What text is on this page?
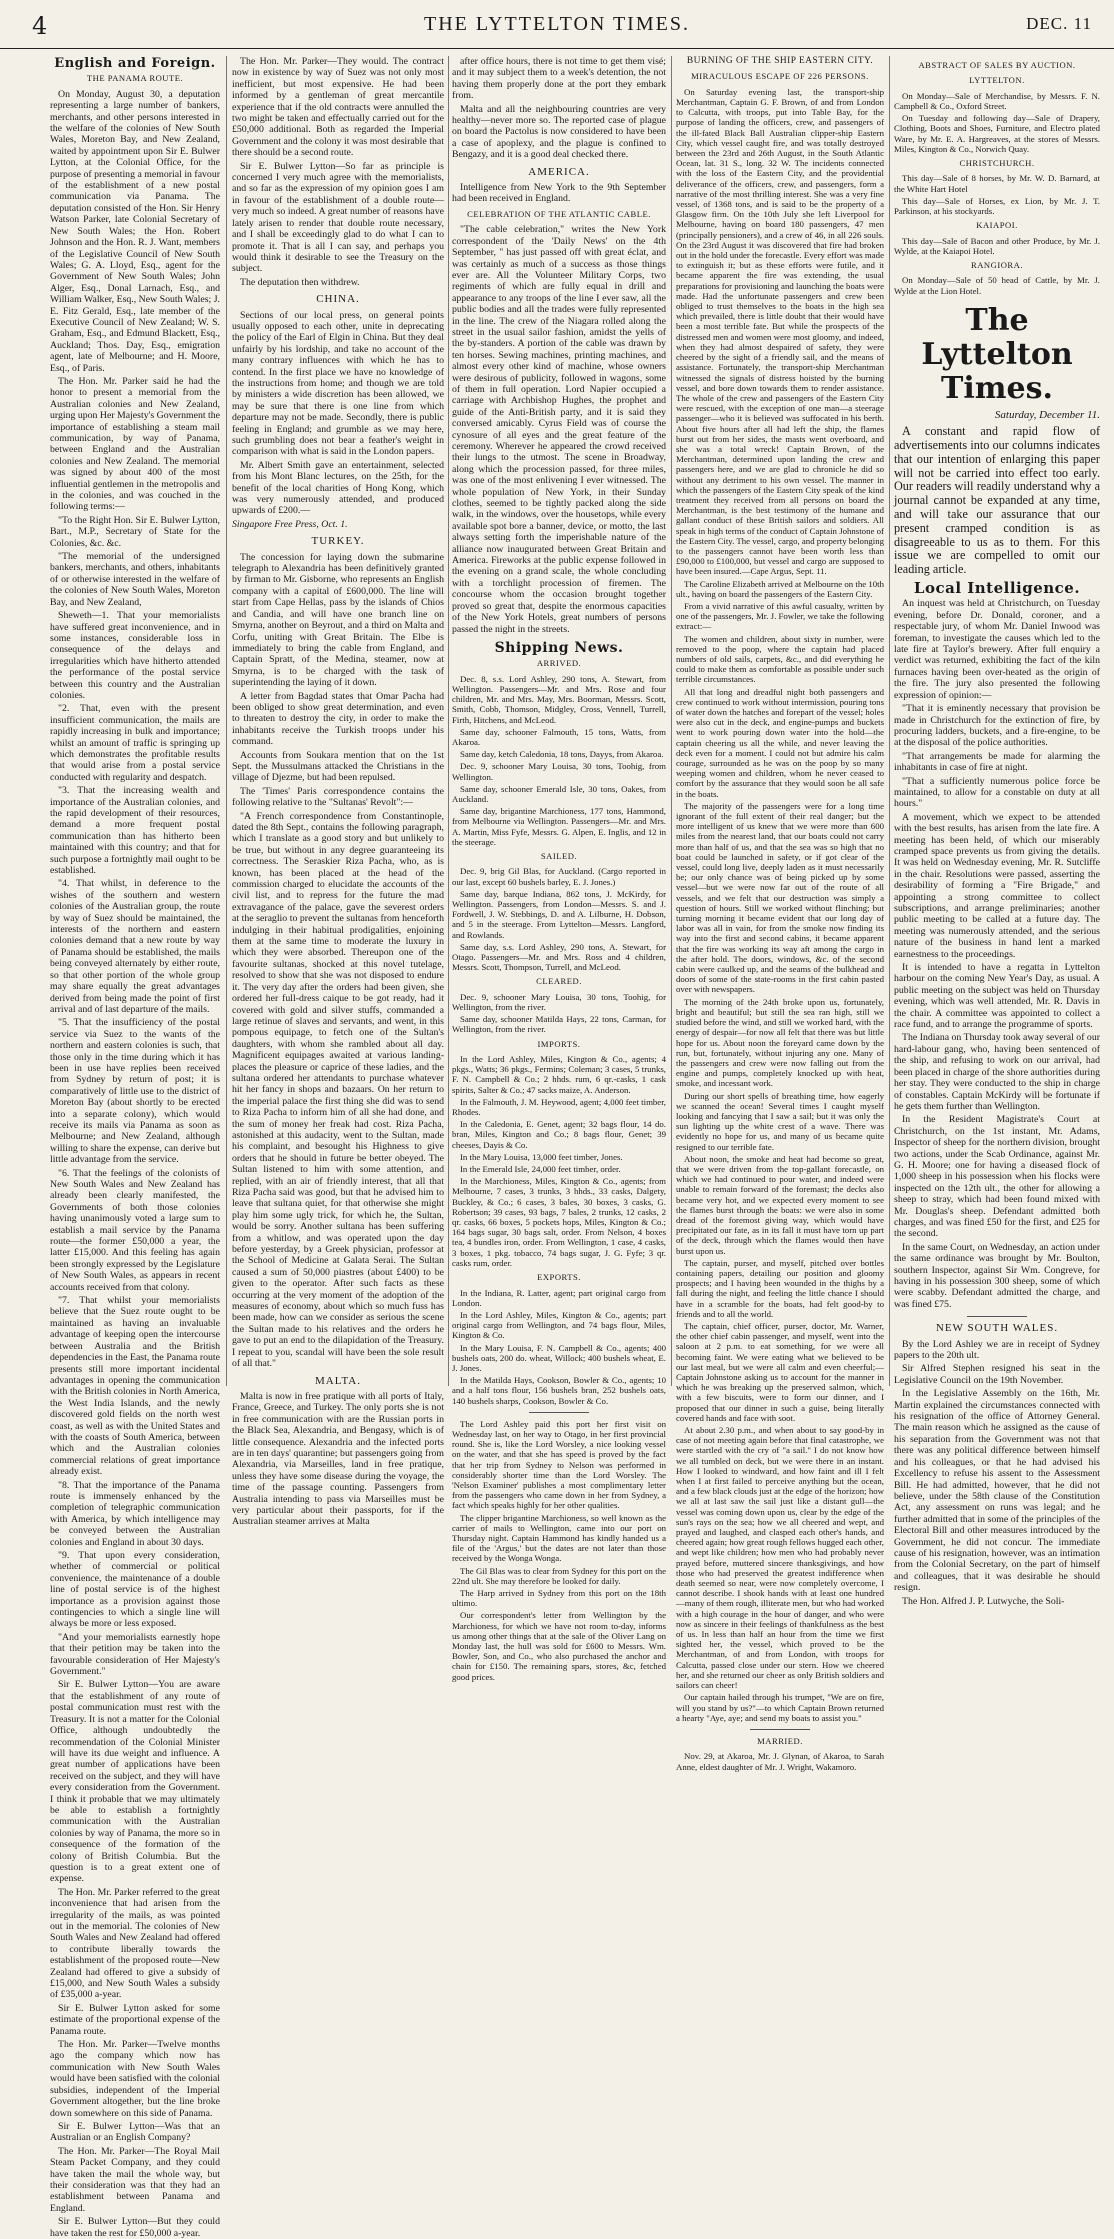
4	THE LYTTELTON TIMES.	DEC. 11
English and Foreign.
THE PANAMA ROUTE.

On Monday, August 30, a deputation representing a large number of bankers, merchants, and other persons interested in the welfare of the colonies of New South Wales, Moreton Bay, and New Zealand, waited by appointment upon Sir E. Bulwer Lytton, at the Colonial Office, for the purpose of presenting a memorial in favour of the establishment of a new postal communication via Panama. The deputation consisted of the Hon. Sir Henry Watson Parker, late Colonial Secretary of New South Wales; the Hon. Robert Johnson and the Hon. R. J. Want, members of the Legislative Council of New South Wales; G. A. Lloyd, Esq., agent for the Government of New South Wales; John Alger, Esq., Donal Larnach, Esq., and William Walker, Esq., New South Wales; J. E. Fitz Gerald, Esq., late member of the Executive Council of New Zealand; W. S. Graham, Esq., and Edmund Blackett, Esq., Auckland; Thos. Day, Esq., emigration agent, late of Melbourne; and H. Moore, Esq., of Paris.

The Hon. Mr. Parker said he had the honor to present a memorial from the Australian colonies and New Zealand, urging upon Her Majesty's Government the importance of establishing a steam mail communication, by way of Panama, between England and the Australian colonies and New Zealand. The memorial was signed by about 400 of the most influential gentlemen in the metropolis and in the colonies, and was couched in the following terms:—

"To the Right Hon. Sir E. Bulwer Lytton, Bart., M.P., Secretary of State for the Colonies, &c. &c.

"The memorial of the undersigned bankers, merchants, and others, inhabitants of or otherwise interested in the welfare of the colonies of New South Wales, Moreton Bay, and New Zealand,

Sheweth—1. That your memorialists have suffered great inconvenience, and in some instances, considerable loss in consequence of the delays and irregularities which have hitherto attended the performance of the postal service between this country and the Australian colonies.

"2. That, even with the present insufficient communication, the mails are rapidly increasing in bulk and importance; whilst an amount of traffic is springing up which demonstrates the profitable results that would arise from a postal service conducted with regularity and despatch.

"3. That the increasing wealth and importance of the Australian colonies, and the rapid development of their resources, demand a more frequent postal communication than has hitherto been maintained with this country; and that for such purpose a fortnightly mail ought to be established.

"4. That whilst, in deference to the wishes of the southern and western colonies of the Australian group, the route by way of Suez should be maintained, the interests of the northern and eastern colonies demand that a new route by way of Panama should be established, the mails being conveyed alternately by either route, so that other portion of the whole group may share equally the great advantages derived from being made the point of first arrival and of last departure of the mails.

"5. That the insufficiency of the postal service via Suez to the wants of the northern and eastern colonies is such, that those only in the time during which it has been in use have replies been received from Sydney by return of post; it is comparatively of little use to the district of Moreton Bay (about shortly to be erected into a separate colony), which would receive its mails via Panama as soon as Melbourne; and New Zealand, although willing to share the expense, can derive but little advantage from the service.

"6. That the feelings of the colonists of New South Wales and New Zealand has already been clearly manifested, the Governments of both those colonies having unanimously voted a large sum to establish a mail service by the Panama route—the former £50,000 a year, the latter £15,000. And this feeling has again been strongly expressed by the Legislature of New South Wales, as appears in recent accounts received from that colony.

"7. That whilst your memorialists believe that the Suez route ought to be maintained as having an invaluable advantage of keeping open the intercourse between Australia and the British dependencies in the East, the Panama route presents still more important incidental advantages in opening the communication with the British colonies in North America, the West India Islands, and the newly discovered gold fields on the north west coast, as well as with the United States and with the coasts of South America, between which and the Australian colonies commercial relations of great importance already exist.

"8. That the importance of the Panama route is immensely enhanced by the completion of telegraphic communication with America, by which intelligence may be conveyed between the Australian colonies and England in about 30 days.

"9. That upon every consideration, whether of commercial or political convenience, the maintenance of a double line of postal service is of the highest importance as a provision against those contingencies to which a single line will always be more or less exposed.

"And your memorialists earnestly hope that their petition may be taken into the favourable consideration of Her Majesty's Government."

Sir E. Bulwer Lytton—You are aware that the establishment of any route of postal communication must rest with the Treasury. It is not a matter for the Colonial Office, although undoubtedly the recommendation of the Colonial Minister will have its due weight and influence. A great number of applications have been received on the subject, and they will have every consideration from the Government. I think it probable that we may ultimately be able to establish a fortnightly communication with the Australian colonies by way of Panama, the more so in consequence of the formation of the colony of British Columbia. But the question is to a great extent one of expense.

The Hon. Mr. Parker referred to the great inconvenience that had arisen from the irregularity of the mails, as was pointed out in the memorial. The colonies of New South Wales and New Zealand had offered to contribute liberally towards the establishment of the proposed route—New Zealand had offered to give a subsidy of £15,000, and New South Wales a subsidy of £35,000 a-year.

Sir E. Bulwer Lytton asked for some estimate of the proportional expense of the Panama route.

The Hon. Mr. Parker—Twelve months ago the company which now has communication with New South Wales would have been satisfied with the colonial subsidies, independent of the Imperial Government altogether, but the line broke down somewhere on this side of Panama.

Sir E. Bulwer Lytton—Was that an Australian or an English Company?

The Hon. Mr. Parker—The Royal Mail Steam Packet Company, and they could have taken the mail the whole way, but their consideration was that they had an establishment between Panama and England.

Sir E. Bulwer Lytton—But they could have taken the rest for £50,000 a-year.

The Hon. Mr. Parker—They would. The contract now in existence by way of Suez was not only most inefficient, but most expensive. He had been informed by a gentleman of great mercantile experience that if the old contracts were annulled the two might be taken and effectually carried out for the £50,000 additional. Both as regarded the Imperial Government and the colony it was most desirable that there should be a second route.

Sir E. Bulwer Lytton—So far as principle is concerned I very much agree with the memorialists, and so far as the expression of my opinion goes I am in favour of the establishment of a double route—very much so indeed. A great number of reasons have lately arisen to render that double route necessary, and I shall be exceedingly glad to do what I can to promote it. That is all I can say, and perhaps you would think it desirable to see the Treasury on the subject.

The deputation then withdrew.

CHINA.

Sections of our local press, on general points usually opposed to each other, unite in deprecating the policy of the Earl of Elgin in China. But they deal unfairly by his lordship, and take no account of the many contrary influences with which he has to contend. In the first place we have no knowledge of the instructions from home; and though we are told by ministers a wide discretion has been allowed, we may be sure that there is one line from which departure may not be made. Secondly, there is public feeling in England; and grumble as we may here, such grumbling does not bear a feather's weight in comparison with what is said in the London papers.

Mr. Albert Smith gave an entertainment, selected from his Mont Blanc lectures, on the 25th, for the benefit of the local charities of Hong Kong, which was very numerously attended, and produced upwards of £200.—

Singapore Free Press, Oct. 1.
TURKEY.

The concession for laying down the submarine telegraph to Alexandria has been definitively granted by firman to Mr. Gisborne, who represents an English company with a capital of £600,000. The line will start from Cape Hellas, pass by the islands of Chios and Candia, and will have one branch line on Smyrna, another on Beyrout, and a third on Malta and Corfu, uniting with Great Britain. The Elbe is immediately to bring the cable from England, and Captain Spratt, of the Medina, steamer, now at Smyrna, is to be charged with the task of superintending the laying of it down.

A letter from Bagdad states that Omar Pacha had been obliged to show great determination, and even to threaten to destroy the city, in order to make the inhabitants receive the Turkish troops under his command.

Accounts from Soukara mention that on the 1st Sept. the Mussulmans attacked the Christians in the village of Djezme, but had been repulsed.

The 'Times' Paris correspondence contains the following relative to the "Sultanas' Revolt":—

"A French correspondence from Constantinople, dated the 8th Sept., contains the following paragraph, which I translate as a good story and but unlikely to be true, but without in any degree guaranteeing its correctness. The Seraskier Riza Pacha, who, as is known, has been placed at the head of the commission charged to elucidate the accounts of the civil list, and to repress for the future the mad extravagance of the palace, gave the severest orders at the seraglio to prevent the sultanas from henceforth indulging in their habitual prodigalities, enjoining them at the same time to moderate the luxury in which they were absorbed. Thereupon one of the favourite sultanas, shocked at this novel tutelage, resolved to show that she was not disposed to endure it. The very day after the orders had been given, she ordered her full-dress caique to be got ready, had it covered with gold and silver stuffs, commanded a large retinue of slaves and servants, and went, in this pompous equipage, to fetch one of the Sultan's daughters, with whom she rambled about all day. Magnificent equipages awaited at various landing-places the pleasure or caprice of these ladies, and the sultana ordered her attendants to purchase whatever hit her fancy in shops and bazaars. On her return to the imperial palace the first thing she did was to send to Riza Pacha to inform him of all she had done, and the sum of money her freak had cost. Riza Pacha, astonished at this audacity, went to the Sultan, made his complaint, and besought his Highness to give orders that he should in future be better obeyed. The Sultan listened to him with some attention, and replied, with an air of friendly interest, that all that Riza Pacha said was good, but that he advised him to leave that sultana quiet, for that otherwise she might play him some ugly trick, for which he, the Sultan, would be sorry. Another sultana has been suffering from a whitlow, and was operated upon the day before yesterday, by a Greek physician, professor at the School of Medicine at Galata Serai. The Sultan caused a sum of 50,000 piastres (about £400) to be given to the operator. After such facts as these occurring at the very moment of the adoption of the measures of economy, about which so much fuss has been made, how can we consider as serious the scene the Sultan made to his relatives and the orders he gave to put an end to the dilapidation of the Treasury. I repeat to you, scandal will have been the sole result of all that."

MALTA.

Malta is now in free pratique with all ports of Italy, France, Greece, and Turkey. The only ports she is not in free communication with are the Russian ports in the Black Sea, Alexandria, and Bengasy, which is of little consequence. Alexandria and the infected ports are in ten days' quarantine; but passengers going from Alexandria, via Marseilles, land in free pratique, unless they have some disease during the voyage, the time of the passage counting. Passengers from Australia intending to pass via Marseilles must be very particular about their passports, for if the Australian steamer arrives at Malta

after office hours, there is not time to get them visé; and it may subject them to a week's detention, the not having them properly done at the port they embark from.

Malta and all the neighbouring countries are very healthy—never more so. The reported case of plague on board the Pactolus is now considered to have been a case of apoplexy, and the plague is confined to Bengazy, and it is a good deal checked there.

AMERICA.

Intelligence from New York to the 9th September had been received in England.

CELEBRATION OF THE ATLANTIC CABLE.

"The cable celebration," writes the New York correspondent of the 'Daily News' on the 4th September, " has just passed off with great éclat, and was certainly as much of a success as those things ever are. All the Volunteer Military Corps, two regiments of which are fully equal in drill and appearance to any troops of the line I ever saw, all the public bodies and all the trades were fully represented in the line. The crew of the Niagara rolled along the street in the usual sailor fashion, amidst the yells of the by-standers. A portion of the cable was drawn by ten horses. Sewing machines, printing machines, and almost every other kind of machine, whose owners were desirous of publicity, followed in wagons, some of them in full operation. Lord Napier occupied a carriage with Archbishop Hughes, the prophet and guide of the Anti-British party, and it is said they conversed amicably. Cyrus Field was of course the cynosure of all eyes and the great feature of the ceremony. Wherever he appeared the crowd received their lungs to the utmost. The scene in Broadway, along which the procession passed, for three miles, was one of the most enlivening I ever witnessed. The whole population of New York, in their Sunday clothes, seemed to be tightly packed along the side walk, in the windows, over the housetops, while every available spot bore a banner, device, or motto, the last always setting forth the imperishable nature of the alliance now inaugurated between Great Britain and America. Fireworks at the public expense followed in the evening on a grand scale, the whole concluding with a torchlight procession of firemen. The concourse whom the occasion brought together proved so great that, despite the enormous capacities of the New York Hotels, great numbers of persons passed the night in the streets.

Shipping News.
ARRIVED.

Dec. 8, s.s. Lord Ashley, 290 tons, A. Stewart, from Wellington. Passengers—Mr. and Mrs. Rose and four children, Mr. and Mrs. May, Mrs. Boorman, Messrs. Scott, Smith, Cobb, Thomson, Midgley, Cross, Vennell, Turrell, Firth, Hitchens, and McLeod.

Same day, schooner Falmouth, 15 tons, Watts, from Akaroa.

Same day, ketch Caledonia, 18 tons, Dayys, from Akaroa.

Dec. 9, schooner Mary Louisa, 30 tons, Toohig, from Wellington.

Same day, schooner Emerald Isle, 30 tons, Oakes, from Auckland.

Same day, brigantine Marchioness, 177 tons, Hammond, from Melbourne via Wellington. Passengers—Mr. and Mrs. A. Martin, Miss Fyfe, Messrs. G. Alpen, E. Inglis, and 12 in the steerage.

SAILED.

Dec. 9, brig Gil Blas, for Auckland. (Cargo reported in our last, except 60 bushels barley, E. J. Jones.)

Same day, barque Indiana, 862 tons, J. McKirdy, for Wellington. Passengers, from London—Messrs. S. and J. Fordwell, J. W. Stebbings, D. and A. Lilburne, H. Dobson, and 5 in the steerage. From Lyttelton—Messrs. Langford, and Rowlands.

Same day, s.s. Lord Ashley, 290 tons, A. Stewart, for Otago. Passengers—Mr. and Mrs. Ross and 4 children, Messrs. Scott, Thompson, Turrell, and McLeod.

CLEARED.

Dec. 9, schooner Mary Louisa, 30 tons, Toohig, for Wellington, from the river.

Same day, schooner Matilda Hays, 22 tons, Carman, for Wellington, from the river.

IMPORTS.

In the Lord Ashley, Miles, Kington & Co., agents; 4 pkgs., Watts; 36 pkgs., Fermins; Coleman; 3 cases, 5 trunks, F. N. Campbell & Co.; 2 hhds. rum, 6 qr.-casks, 1 cask spirits, Salter & Co.; 47 sacks maize, A. Anderson.

In the Falmouth, J. M. Heywood, agent; 4,000 feet timber, Rhodes.

In the Caledonia, E. Genet, agent; 32 bags flour, 14 do. bran, Miles, Kington and Co.; 8 bags flour, Genet; 39 cheeses, Dayis & Co.

In the Mary Louisa, 13,000 feet timber, Jones.

In the Emerald Isle, 24,000 feet timber, order.

In the Marchioness, Miles, Kington & Co., agents; from Melbourne, 7 cases, 3 trunks, 3 hhds., 33 casks, Dalgety, Buckley, & Co.; 6 cases, 3 bales, 30 boxes, 3 casks, G. Robertson; 39 cases, 93 bags, 7 bales, 2 trunks, 12 casks, 2 qr. casks, 66 boxes, 5 pockets hops, Miles, Kington & Co.; 164 bags sugar, 30 bags salt, order. From Nelson, 4 boxes tea, 4 bundles iron, order. From Wellington, 1 case, 4 casks, 3 boxes, 1 pkg. tobacco, 74 bags sugar, J. G. Fyfe; 3 qr. casks rum, order.

EXPORTS.

In the Indiana, R. Latter, agent; part original cargo from London.

In the Lord Ashley, Miles, Kington & Co., agents; part original cargo from Wellington, and 74 bags flour, Miles, Kington & Co.

In the Mary Louisa, F. N. Campbell & Co., agents; 400 bushels oats, 200 do. wheat, Willock; 400 bushels wheat, E. J. Jones.

In the Matilda Hays, Cookson, Bowler & Co., agents; 10 and a half tons flour, 156 bushels bran, 252 bushels oats, 140 bushels sharps, Cookson, Bowler & Co.

The Lord Ashley paid this port her first visit on Wednesday last, on her way to Otago, in her first provincial round. She is, like the Lord Worsley, a nice looking vessel on the water, and that she has speed is proved by the fact that her trip from Sydney to Nelson was performed in considerably shorter time than the Lord Worsley. The 'Nelson Examiner' publishes a most complimentary letter from the passengers who came down in her from Sydney, a fact which speaks highly for her other qualities.

The clipper brigantine Marchioness, so well known as the carrier of mails to Wellington, came into our port on Thursday night. Captain Hammond has kindly handed us a file of the 'Argus,' but the dates are not later than those received by the Wonga Wonga.

The Gil Blas was to clear from Sydney for this port on the 22nd ult. She may therefore be looked for daily.

The Harp arrived in Sydney from this port on the 18th ultimo.

Our correspondent's letter from Wellington by the Marchioness, for which we have not room to-day, informs us among other things that at the sale of the Oliver Lang on Monday last, the hull was sold for £600 to Messrs. Wm. Bowler, Son, and Co., who also purchased the anchor and chain for £150. The remaining spars, stores, &c, fetched good prices.

BURNING OF THE SHIP EASTERN CITY.
MIRACULOUS ESCAPE OF 226 PERSONS.

On Saturday evening last, the transport-ship Merchantman, Captain G. F. Brown, of and from London to Calcutta, with troops, put into Table Bay, for the purpose of landing the officers, crew, and passengers of the ill-fated Black Ball Australian clipper-ship Eastern City, which vessel caught fire, and was totally destroyed between the 23rd and 26th August, in the South Atlantic Ocean, lat. 31 S., long. 32 W. The incidents connected with the loss of the Eastern City, and the providential deliverance of the officers, crew, and passengers, form a narrative of the most thrilling interest. She was a very fine vessel, of 1368 tons, and is said to be the property of a Glasgow firm. On the 10th July she left Liverpool for Melbourne, having on board 180 passengers, 47 men (principally pensioners), and a crew of 46, in all 226 souls. On the 23rd August it was discovered that fire had broken out in the hold under the forecastle. Every effort was made to extinguish it; but as these efforts were futile, and it became apparent the fire was extending, the usual preparations for provisioning and launching the boats were made. Had the unfortunate passengers and crew been obliged to trust themselves to the boats in the high sea which prevailed, there is little doubt that their would have been a most terrible fate. But while the prospects of the distressed men and women were most gloomy, and indeed, when they had almost despaired of safety, they were cheered by the sight of a friendly sail, and the means of assistance. Fortunately, the transport-ship Merchantman witnessed the signals of distress hoisted by the burning vessel, and bore down towards them to render assistance. The whole of the crew and passengers of the Eastern City were rescued, with the exception of one man—a steerage passenger—who it is believed was suffocated in his berth. About five hours after all had left the ship, the flames burst out from her sides, the masts went overboard, and she was a total wreck! Captain Brown, of the Merchantman, determined upon landing the crew and passengers here, and we are glad to chronicle he did so without any detriment to his own vessel. The manner in which the passengers of the Eastern City speak of the kind treatment they received from all persons on board the Merchantman, is the best testimony of the humane and gallant conduct of these British sailors and soldiers. All speak in high terms of the conduct of Captain Johnstone of the Eastern City. The vessel, cargo, and property belonging to the passengers cannot have been worth less than £90,000 to £100,000, but vessel and cargo are supposed to have been insured.—Cape Argus, Sept. 11.

The Caroline Elizabeth arrived at Melbourne on the 10th ult., having on board the passengers of the Eastern City.

From a vivid narrative of this awful casualty, written by one of the passengers, Mr. J. Fowler, we take the following extract:—

The women and children, about sixty in number, were removed to the poop, where the captain had placed numbers of old sails, carpets, &c., and did everything he could to make them as comfortable as possible under such terrible circumstances.

All that long and dreadful night both passengers and crew continued to work without intermission, pouring tons of water down the hatches and forepart of the vessel; holes were also cut in the deck, and engine-pumps and buckets went to work pouring down water into the hold—the captain cheering us all the while, and never leaving the deck even for a moment. I could not but admire his calm courage, surrounded as he was on the poop by so many weeping women and children, whom he never ceased to comfort by the assurance that they would soon be all safe in the boats.

The majority of the passengers were for a long time ignorant of the full extent of their real danger; but the more intelligent of us knew that we were more than 600 miles from the nearest land, that our boats could not carry more than half of us, and that the sea was so high that no boat could be launched in safety, or if got clear of the vessel, could long live, deeply laden as it must necessarily be; our only chance was of being picked up by some vessel—but we were now far out of the route of all vessels, and we felt that our destruction was simply a question of hours. Still we worked without flinching; but turning morning it became evident that our long day of labor was all in vain, for from the smoke now finding its way into the first and second cabins, it became apparent that the fire was working its way aft among the cargo in the after hold. The doors, windows, &c. of the second cabin were caulked up, and the seams of the bulkhead and doors of some of the state-rooms in the first cabin pasted over with newspapers.

The morning of the 24th broke upon us, fortunately, bright and beautiful; but still the sea ran high, still we studied before the wind, and still we worked hard, with the energy of despair—for now all felt that there was but little hope for us. About noon the foreyard came down by the run, but, fortunately, without injuring any one. Many of the passengers and crew were now falling out from the engine and pumps, completely knocked up with heat, smoke, and incessant work.

During our short spells of breathing time, how eagerly we scanned the ocean! Several times I caught myself looking and fancying that I saw a sail; but it was only the sun lighting up the white crest of a wave. There was evidently no hope for us, and many of us became quite resigned to our terrible fate.

About noon, the smoke and heat had become so great, that we were driven from the top-gallant forecastle, on which we had continued to pour water, and indeed were unable to remain forward of the foremast; the decks also became very hot, and we expected every moment to see the flames burst through the boats: we were also in some dread of the foremost giving way, which would have precipitated our fate, as in its fall it must have torn up part of the deck, through which the flames would then have burst upon us.

The captain, purser, and myself, pitched over bottles containing papers, detailing our position and gloomy prospects; and I having been wounded in the thighs by a fall during the night, and feeling the little chance I should have in a scramble for the boats, had felt good-by to friends and to all the world.

The captain, chief officer, purser, doctor, Mr. Warner, the other chief cabin passenger, and myself, went into the saloon at 2 p.m. to eat something, for we were all becoming faint. We were eating what we believed to be our last meal, but we were all calm and even cheerful;—Captain Johnstone asking us to account for the manner in which he was breaking up the preserved salmon, which, with a few biscuits, were to form our dinner, and I proposed that our dinner in such a guise, being literally covered hands and face with soot.

At about 2.30 p.m., and when about to say good-by in case of not meeting again before that final catastrophe, we were startled with the cry of "a sail." I do not know how we all tumbled on deck, but we were there in an instant. How I looked to windward, and how faint and ill I felt when I at first failed to perceive anything but the ocean, and a few black clouds just at the edge of the horizon; how we all at last saw the sail just like a distant gull—the vessel was coming down upon us, clear by the edge of the sun's rays on the sea; how we all cheered and wept, and prayed and laughed, and clasped each other's hands, and cheered again; how great rough fellows hugged each other, and wept like children; how men who had probably never prayed before, muttered sincere thanksgivings, and how those who had preserved the greatest indifference when death seemed so near, were now completely overcome, I cannot describe. I shook hands with at least one hundred —many of them rough, illiterate men, but who had worked with a high courage in the hour of danger, and who were now as sincere in their feelings of thankfulness as the best of us. In less than half an hour from the time we first sighted her, the vessel, which proved to be the Merchantman, of and from London, with troops for Calcutta, passed close under our stern. How we cheered her, and she returned our cheer as only British soldiers and sailors can cheer!

Our captain hailed through his trumpet, "We are on fire, will you stand by us?"—to which Captain Brown returned a hearty "Aye, aye; and send my boats to assist you."

MARRIED.

Nov. 29, at Akaroa, Mr. J. Glynan, of Akaroa, to Sarah Anne, eldest daughter of Mr. J. Wright, Wakamoro.

ABSTRACT OF SALES BY AUCTION.
LYTTELTON.

On Monday—Sale of Merchandise, by Messrs. F. N. Campbell & Co., Oxford Street.

On Tuesday and following day—Sale of Drapery, Clothing, Boots and Shoes, Furniture, and Electro plated Ware, by Mr. E. A. Hargreaves, at the stores of Messrs. Miles, Kington & Co., Norwich Quay.

CHRISTCHURCH.

This day—Sale of 8 horses, by Mr. W. D. Barnard, at the White Hart Hotel

This day—Sale of Horses, ex Lion, by Mr. J. T. Parkinson, at his stockyards.

KAIAPOI.

This day—Sale of Bacon and other Produce, by Mr. J. Wylde, at the Kaiapoi Hotel.

RANGIORA.

On Monday—Sale of 50 head of Cattle, by Mr. J. Wylde at the Lion Hotel.

The Lyttelton Times.
Saturday, December 11.

A constant and rapid flow of advertisements into our columns indicates that our intention of enlarging this paper will not be carried into effect too early. Our readers will readily understand why a journal cannot be expanded at any time, and will take our assurance that our present cramped condition is as disagreeable to us as to them. For this issue we are compelled to omit our leading article.

Local Intelligence.

An inquest was held at Christchurch, on Tuesday evening, before Dr. Donald, coroner, and a respectable jury, of whom Mr. Daniel Inwood was foreman, to investigate the causes which led to the late fire at Taylor's brewery. After full enquiry a verdict was returned, exhibiting the fact of the kiln furnaces having been over-heated as the origin of the fire. The jury also presented the following expression of opinion:—

"That it is eminently necessary that provision be made in Christchurch for the extinction of fire, by procuring ladders, buckets, and a fire-engine, to be at the disposal of the police authorities.

"That arrangements be made for alarming the inhabitants in case of fire at night.

"That a sufficiently numerous police force be maintained, to allow for a constable on duty at all hours."

A movement, which we expect to be attended with the best results, has arisen from the late fire. A meeting has been held, of which our miserably cramped space prevents us from giving the details. It was held on Wednesday evening, Mr. R. Sutcliffe in the chair. Resolutions were passed, asserting the desirability of forming a "Fire Brigade," and appointing a strong committee to collect subscriptions, and arrange preliminaries; another public meeting to be called at a future day. The meeting was numerously attended, and the serious nature of the business in hand lent a marked earnestness to the proceedings.

It is intended to have a regatta in Lyttelton harbour on the coming New Year's Day, as usual. A public meeting on the subject was held on Thursday evening, which was well attended, Mr. R. Davis in the chair. A committee was appointed to collect a race fund, and to arrange the programme of sports.

The Indiana on Thursday took away several of our hard-labour gang, who, having been sentenced of the ship, and refusing to work on our arrival, had been placed in charge of the shore authorities during her stay. They were conducted to the ship in charge of constables. Captain McKirdy will be fortunate if he gets them further than Wellington.

In the Resident Magistrate's Court at Christchurch, on the 1st instant, Mr. Adams, Inspector of sheep for the northern division, brought two actions, under the Scab Ordinance, against Mr. G. H. Moore; one for having a diseased flock of 1,000 sheep in his possession when his flocks were inspected on the 12th ult., the other for allowing a sheep to stray, which had been found mixed with Mr. Douglas's sheep. Defendant admitted both charges, and was fined £50 for the first, and £25 for the second.

In the same Court, on Wednesday, an action under the same ordinance was brought by Mr. Boulton, southern Inspector, against Sir Wm. Congreve, for having in his possession 300 sheep, some of which were scabby. Defendant admitted the charge, and was fined £75.

NEW SOUTH WALES.

By the Lord Ashley we are in receipt of Sydney papers to the 20th ult.

Sir Alfred Stephen resigned his seat in the Legislative Council on the 19th November.

In the Legislative Assembly on the 16th, Mr. Martin explained the circumstances connected with his resignation of the office of Attorney General. The main reason which he assigned as the cause of his separation from the Government was not that there was any political difference between himself and his colleagues, or that he had advised his Excellency to refuse his assent to the Assessment Bill. He had admitted, however, that he did not believe, under the 58th clause of the Constitution Act, any assessment on runs was legal; and he further admitted that in some of the principles of the Electoral Bill and other measures introduced by the Government, he did not concur. The immediate cause of his resignation, however, was an intimation from the Colonial Secretary, on the part of himself and colleagues, that it was desirable he should resign.

The Hon. Alfred J. P. Lutwyche, the Soli-
